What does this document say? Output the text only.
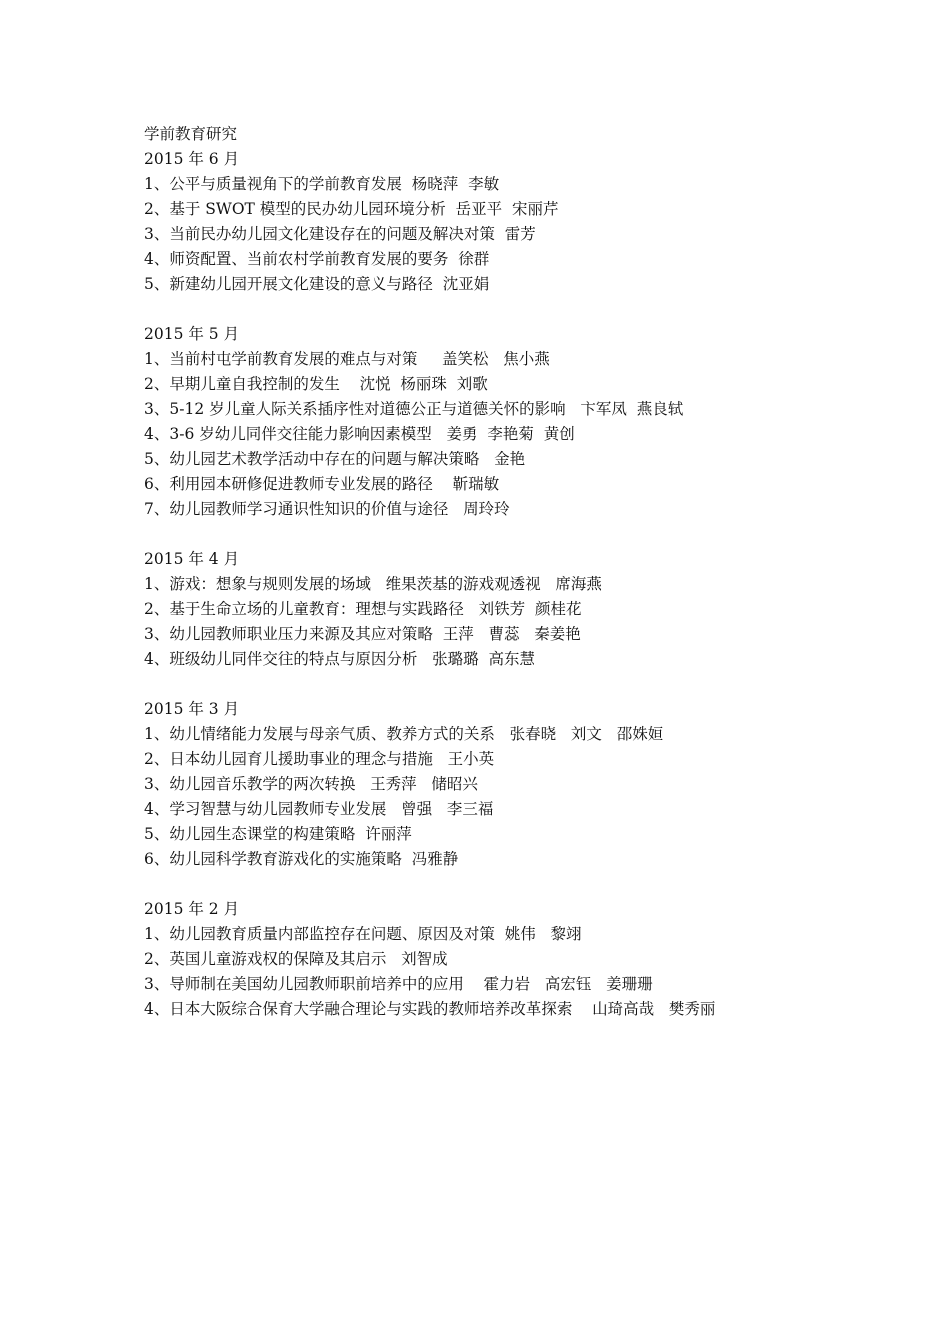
学前教育研究
2015 年 6 月
1、公平与质量视角下的学前教育发展  杨晓萍  李敏
2、基于 SWOT 模型的民办幼儿园环境分析  岳亚平  宋丽芹
3、当前民办幼儿园文化建设存在的问题及解决对策  雷芳
4、师资配置、当前农村学前教育发展的要务  徐群
5、新建幼儿园开展文化建设的意义与路径  沈亚娟
2015 年 5 月
1、当前村屯学前教育发展的难点与对策     盖笑松   焦小燕
2、早期儿童自我控制的发生    沈悦  杨丽珠  刘歌
3、5-12 岁儿童人际关系插序性对道德公正与道德关怀的影响   卞军凤  燕良轼
4、3-6 岁幼儿同伴交往能力影响因素模型   姜勇  李艳菊  黄创
5、幼儿园艺术教学活动中存在的问题与解决策略   金艳
6、利用园本研修促进教师专业发展的路径    靳瑞敏
7、幼儿园教师学习通识性知识的价值与途径   周玲玲
2015 年 4 月
1、游戏：想象与规则发展的场域   维果茨基的游戏观透视   席海燕
2、基于生命立场的儿童教育：理想与实践路径   刘铁芳  颜桂花
3、幼儿园教师职业压力来源及其应对策略  王萍   曹蕊   秦姜艳
4、班级幼儿同伴交往的特点与原因分析   张璐璐  高东慧
2015 年 3 月
1、幼儿情绪能力发展与母亲气质、教养方式的关系   张春晓   刘文   邵姝姮
2、日本幼儿园育儿援助事业的理念与措施   王小英
3、幼儿园音乐教学的两次转换   王秀萍   储昭兴
4、学习智慧与幼儿园教师专业发展   曾强   李三福
5、幼儿园生态课堂的构建策略  许丽萍
6、幼儿园科学教育游戏化的实施策略  冯雅静
2015 年 2 月
1、幼儿园教育质量内部监控存在问题、原因及对策  姚伟   黎翊
2、英国儿童游戏权的保障及其启示   刘智成
3、导师制在美国幼儿园教师职前培养中的应用    霍力岩   高宏钰   姜珊珊
4、日本大阪综合保育大学融合理论与实践的教师培养改革探索    山琦高哉   樊秀丽
